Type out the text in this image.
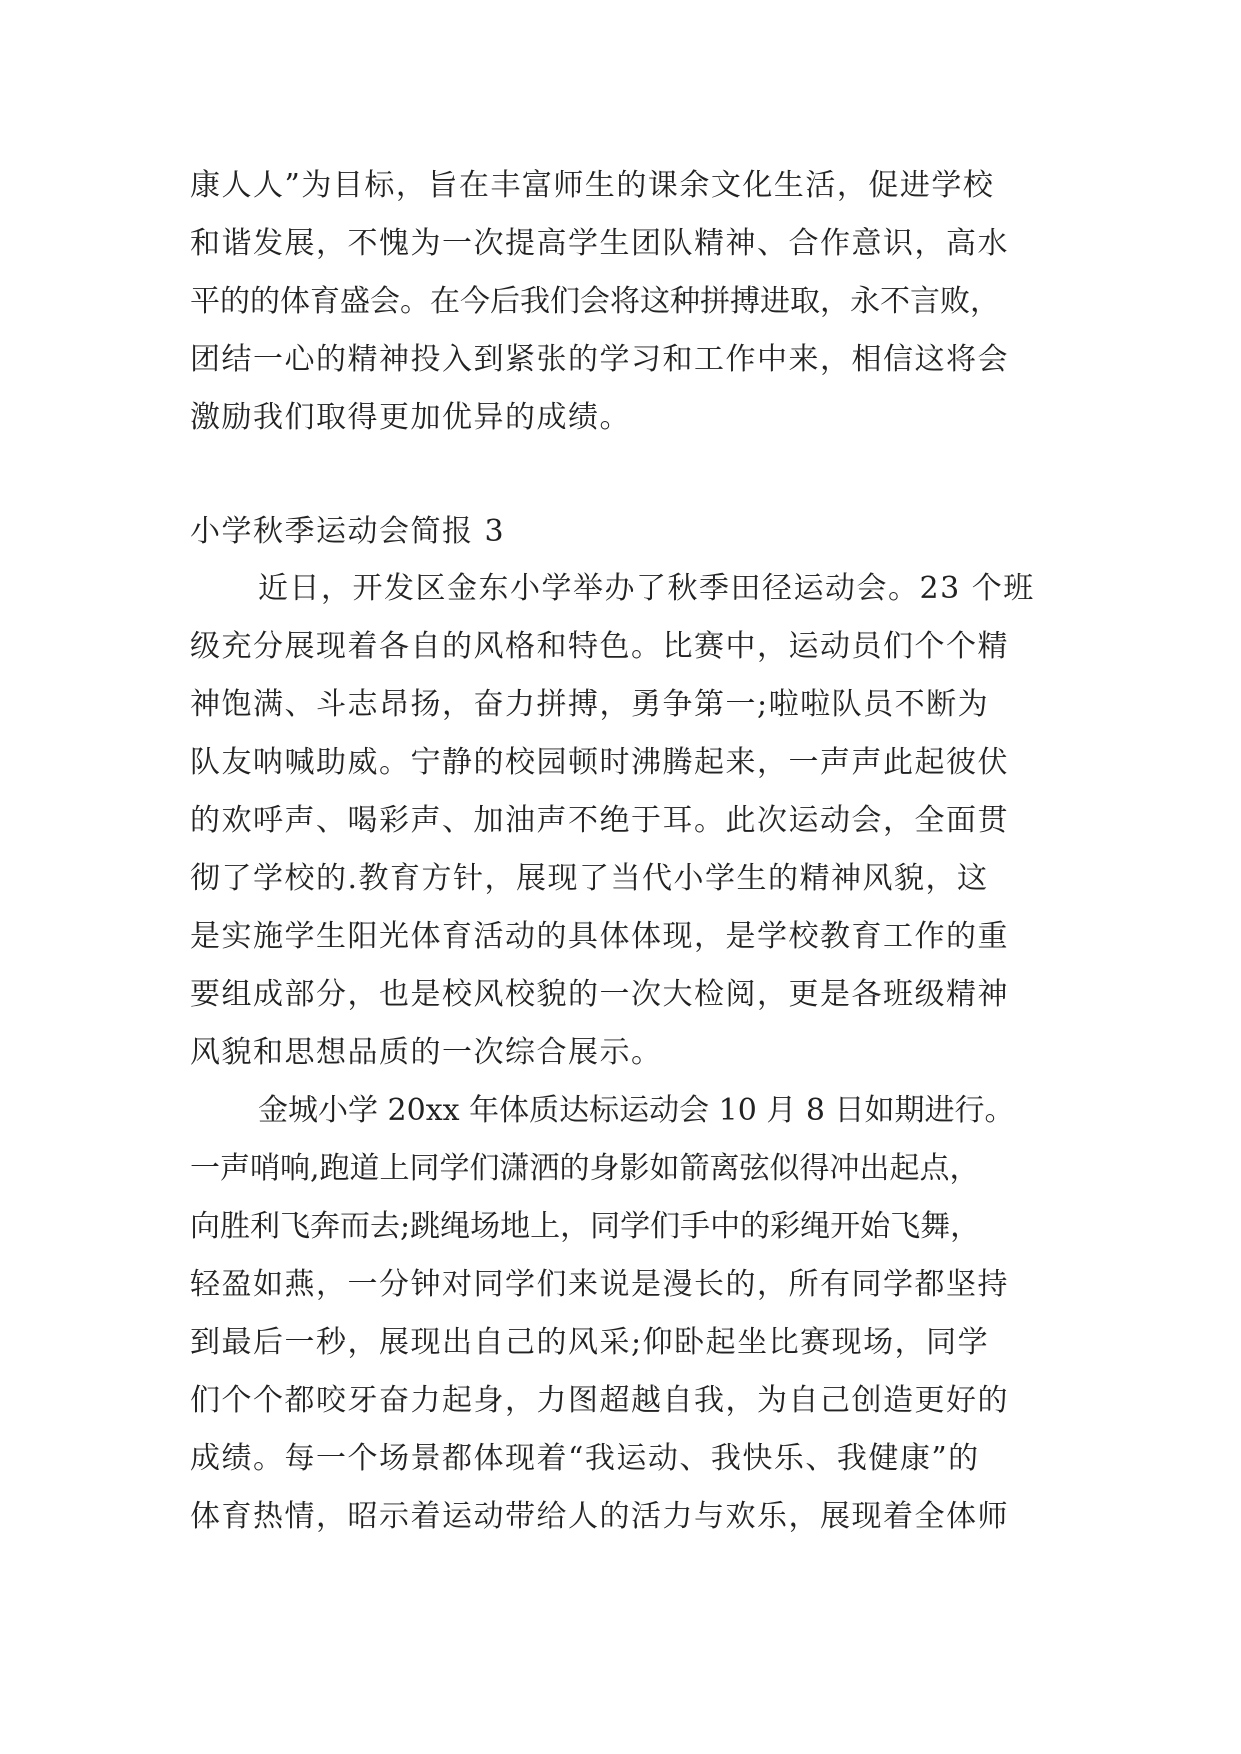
康人人”为目标，旨在丰富师生的课余文化生活，促进学校
和谐发展，不愧为一次提高学生团队精神、合作意识，高水
平的的体育盛会。在今后我们会将这种拼搏进取，永不言败，
团结一心的精神投入到紧张的学习和工作中来，相信这将会
激励我们取得更加优异的成绩。
小学秋季运动会简报 3
近日，开发区金东小学举办了秋季田径运动会。23 个班
级充分展现着各自的风格和特色。比赛中，运动员们个个精
神饱满、斗志昂扬，奋力拼搏，勇争第一;啦啦队员不断为
队友呐喊助威。宁静的校园顿时沸腾起来，一声声此起彼伏
的欢呼声、喝彩声、加油声不绝于耳。此次运动会，全面贯
彻了学校的.教育方针，展现了当代小学生的精神风貌，这
是实施学生阳光体育活动的具体体现，是学校教育工作的重
要组成部分，也是校风校貌的一次大检阅，更是各班级精神
风貌和思想品质的一次综合展示。
金城小学 20xx 年体质达标运动会 10 月 8 日如期进行。
一声哨响,跑道上同学们潇洒的身影如箭离弦似得冲出起点，
向胜利飞奔而去;跳绳场地上，同学们手中的彩绳开始飞舞，
轻盈如燕，一分钟对同学们来说是漫长的，所有同学都坚持
到最后一秒，展现出自己的风采;仰卧起坐比赛现场，同学
们个个都咬牙奋力起身，力图超越自我，为自己创造更好的
成绩。每一个场景都体现着“我运动、我快乐、我健康”的
体育热情，昭示着运动带给人的活力与欢乐，展现着全体师
